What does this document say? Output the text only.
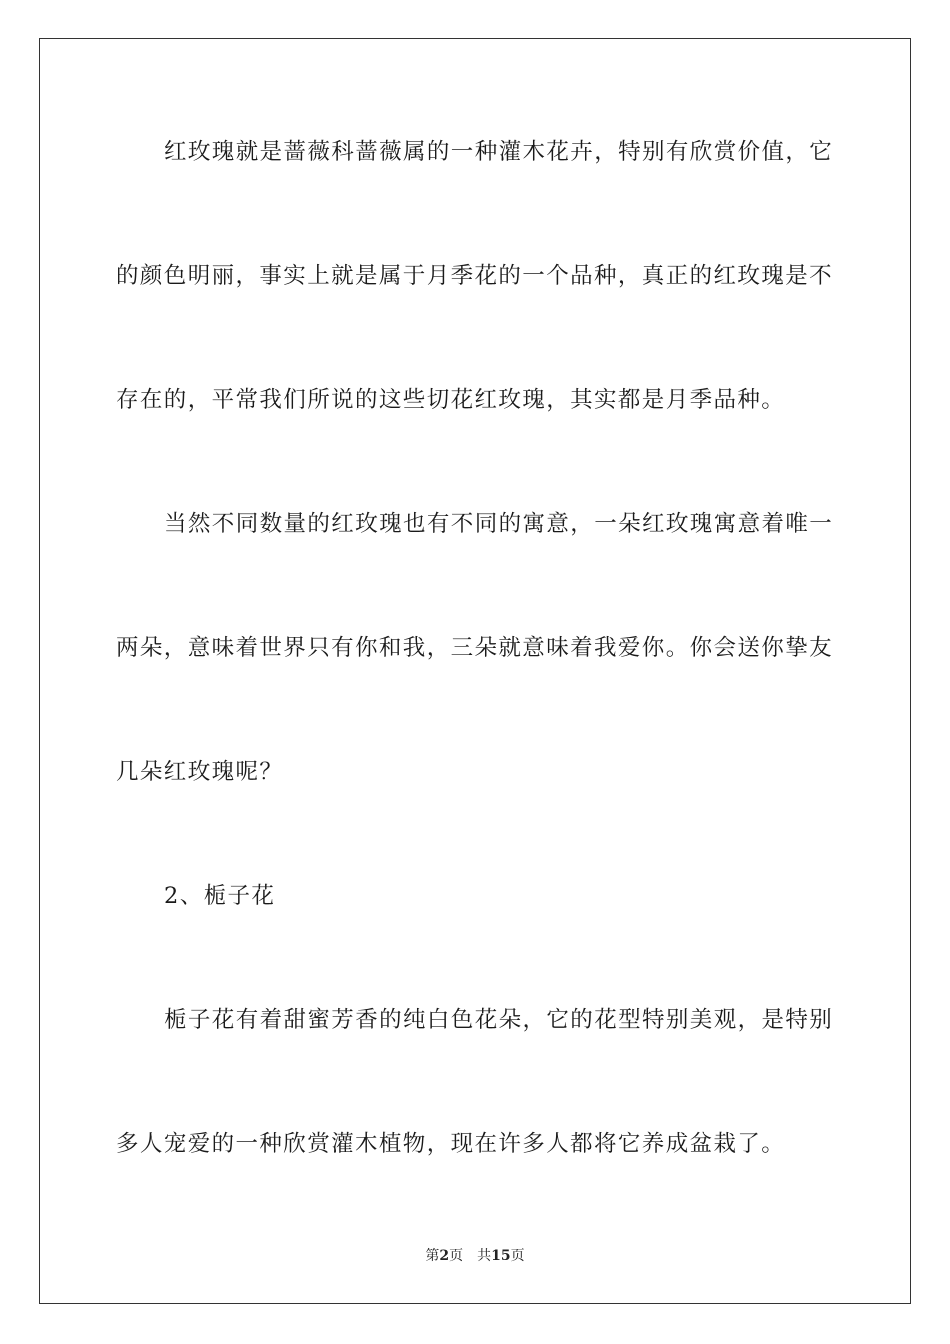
红玫瑰就是蔷薇科蔷薇属的一种灌木花卉，特别有欣赏价值，它
的颜色明丽，事实上就是属于月季花的一个品种，真正的红玫瑰是不
存在的，平常我们所说的这些切花红玫瑰，其实都是月季品种。
当然不同数量的红玫瑰也有不同的寓意，一朵红玫瑰寓意着唯一
两朵，意味着世界只有你和我，三朵就意味着我爱你。你会送你挚友
几朵红玫瑰呢？
2、栀子花
栀子花有着甜蜜芳香的纯白色花朵，它的花型特别美观，是特别
多人宠爱的一种欣赏灌木植物，现在许多人都将它养成盆栽了。
第2页 共15页
